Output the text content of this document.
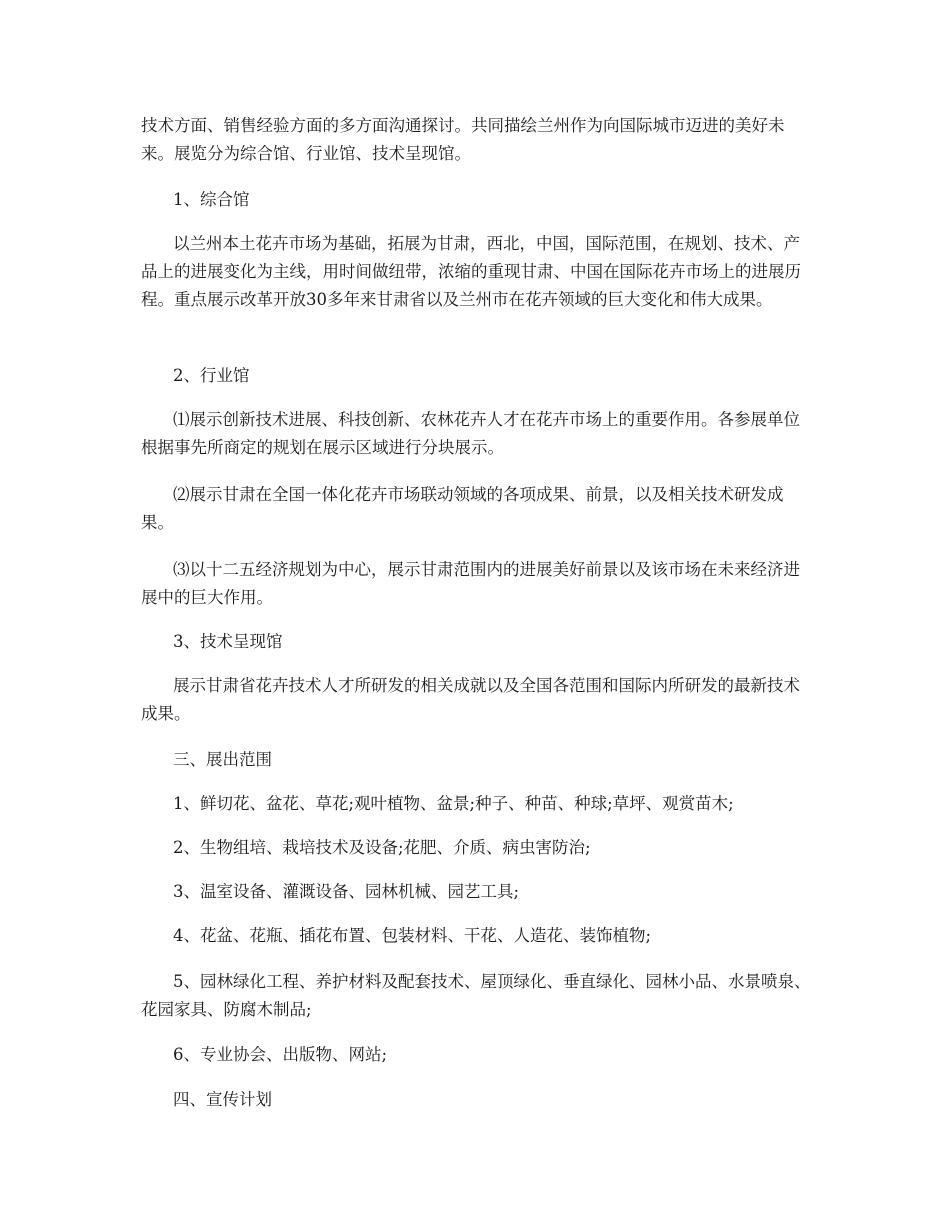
技术方面、销售经验方面的多方面沟通探讨。共同描绘兰州作为向国际城市迈进的美好未来。展览分为综合馆、行业馆、技术呈现馆。

1、综合馆

以兰州本土花卉市场为基础，拓展为甘肃，西北，中国，国际范围，在规划、技术、产品上的进展变化为主线，用时间做纽带，浓缩的重现甘肃、中国在国际花卉市场上的进展历程。重点展示改革开放30多年来甘肃省以及兰州市在花卉领域的巨大变化和伟大成果。

2、行业馆

⑴展示创新技术进展、科技创新、农林花卉人才在花卉市场上的重要作用。各参展单位根据事先所商定的规划在展示区域进行分块展示。

⑵展示甘肃在全国一体化花卉市场联动领域的各项成果、前景，以及相关技术研发成果。

⑶以十二五经济规划为中心，展示甘肃范围内的进展美好前景以及该市场在未来经济进展中的巨大作用。

3、技术呈现馆

展示甘肃省花卉技术人才所研发的相关成就以及全国各范围和国际内所研发的最新技术成果。

三、展出范围

1、鲜切花、盆花、草花;观叶植物、盆景;种子、种苗、种球;草坪、观赏苗木;

2、生物组培、栽培技术及设备;花肥、介质、病虫害防治;

3、温室设备、灌溉设备、园林机械、园艺工具;

4、花盆、花瓶、插花布置、包装材料、干花、人造花、装饰植物;

5、园林绿化工程、养护材料及配套技术、屋顶绿化、垂直绿化、园林小品、水景喷泉、花园家具、防腐木制品;

6、专业协会、出版物、网站;

四、宣传计划
